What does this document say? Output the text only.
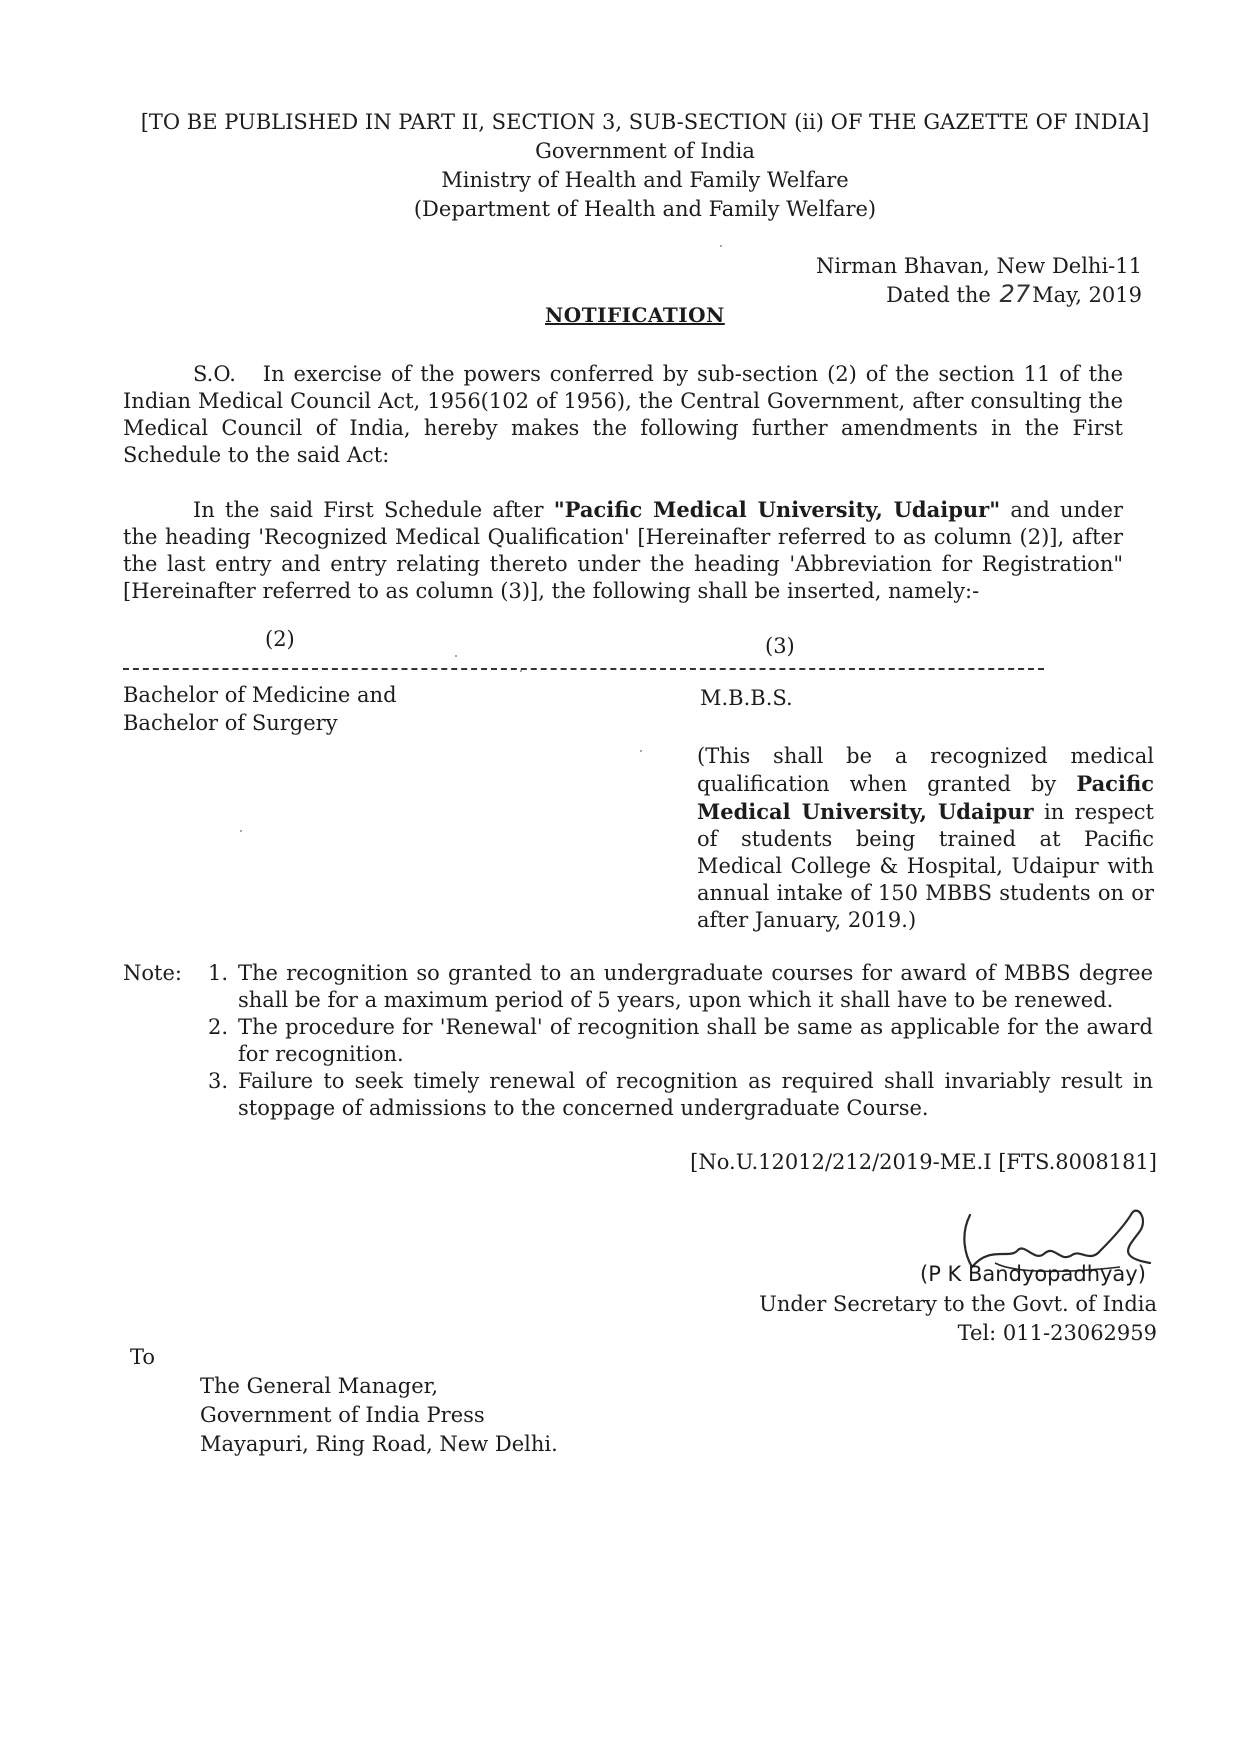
[TO BE PUBLISHED IN PART II, SECTION 3, SUB-SECTION (ii) OF THE GAZETTE OF INDIA]
Government of India
Ministry of Health and Family Welfare
(Department of Health and Family Welfare)
Nirman Bhavan, New Delhi-11
Dated the 27May, 2019
NOTIFICATION
S.O. In exercise of the powers conferred by sub-section (2) of the section 11 of the Indian Medical Council Act, 1956(102 of 1956), the Central Government, after consulting the Medical Council of India, hereby makes the following further amendments in the First Schedule to the said Act:
In the said First Schedule after "Pacific Medical University, Udaipur" and under the heading 'Recognized Medical Qualification' [Hereinafter referred to as column (2)], after the last entry and entry relating thereto under the heading 'Abbreviation for Registration" [Hereinafter referred to as column (3)], the following shall be inserted, namely:-
(2)	(3)
Bachelor of Medicine and
Bachelor of Surgery
M.B.B.S.
(This shall be a recognized medical qualification when granted by Pacific Medical University, Udaipur in respect of students being trained at Pacific Medical College & Hospital, Udaipur with annual intake of 150 MBBS students on or after January, 2019.)
Note:	1. The recognition so granted to an undergraduate courses for award of MBBS degree shall be for a maximum period of 5 years, upon which it shall have to be renewed.
2. The procedure for 'Renewal' of recognition shall be same as applicable for the award for recognition.
3. Failure to seek timely renewal of recognition as required shall invariably result in stoppage of admissions to the concerned undergraduate Course.
[No.U.12012/212/2019-ME.I [FTS.8008181]
(P K Bandyopadhyay)
Under Secretary to the Govt. of India
Tel: 011-23062959
To
The General Manager,
Government of India Press
Mayapuri, Ring Road, New Delhi.
